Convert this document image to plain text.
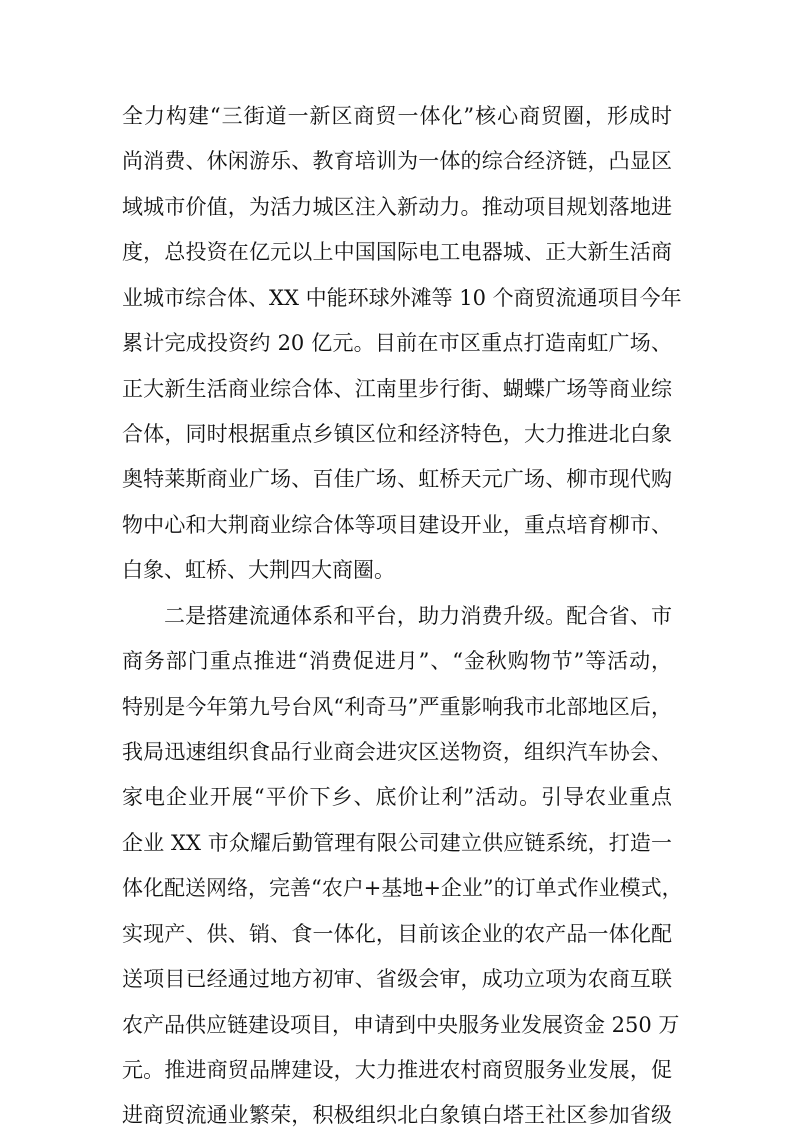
全力构建“三街道一新区商贸一体化”核心商贸圈，形成时
尚消费、休闲游乐、教育培训为一体的综合经济链，凸显区
域城市价值，为活力城区注入新动力。推动项目规划落地进
度，总投资在亿元以上中国国际电工电器城、正大新生活商
业城市综合体、XX 中能环球外滩等 10 个商贸流通项目今年
累计完成投资约 20 亿元。目前在市区重点打造南虹广场、
正大新生活商业综合体、江南里步行街、蝴蝶广场等商业综
合体，同时根据重点乡镇区位和经济特色，大力推进北白象
奥特莱斯商业广场、百佳广场、虹桥天元广场、柳市现代购
物中心和大荆商业综合体等项目建设开业，重点培育柳市、
白象、虹桥、大荆四大商圈。
二是搭建流通体系和平台，助力消费升级。配合省、市
商务部门重点推进“消费促进月”、“金秋购物节”等活动，
特别是今年第九号台风“利奇马”严重影响我市北部地区后，
我局迅速组织食品行业商会进灾区送物资，组织汽车协会、
家电企业开展“平价下乡、底价让利”活动。引导农业重点
企业 XX 市众耀后勤管理有限公司建立供应链系统，打造一
体化配送网络，完善“农户+基地+企业”的订单式作业模式，
实现产、供、销、食一体化，目前该企业的农产品一体化配
送项目已经通过地方初审、省级会审，成功立项为农商互联
农产品供应链建设项目，申请到中央服务业发展资金 250 万
元。推进商贸品牌建设，大力推进农村商贸服务业发展，促
进商贸流通业繁荣，积极组织北白象镇白塔王社区参加省级
